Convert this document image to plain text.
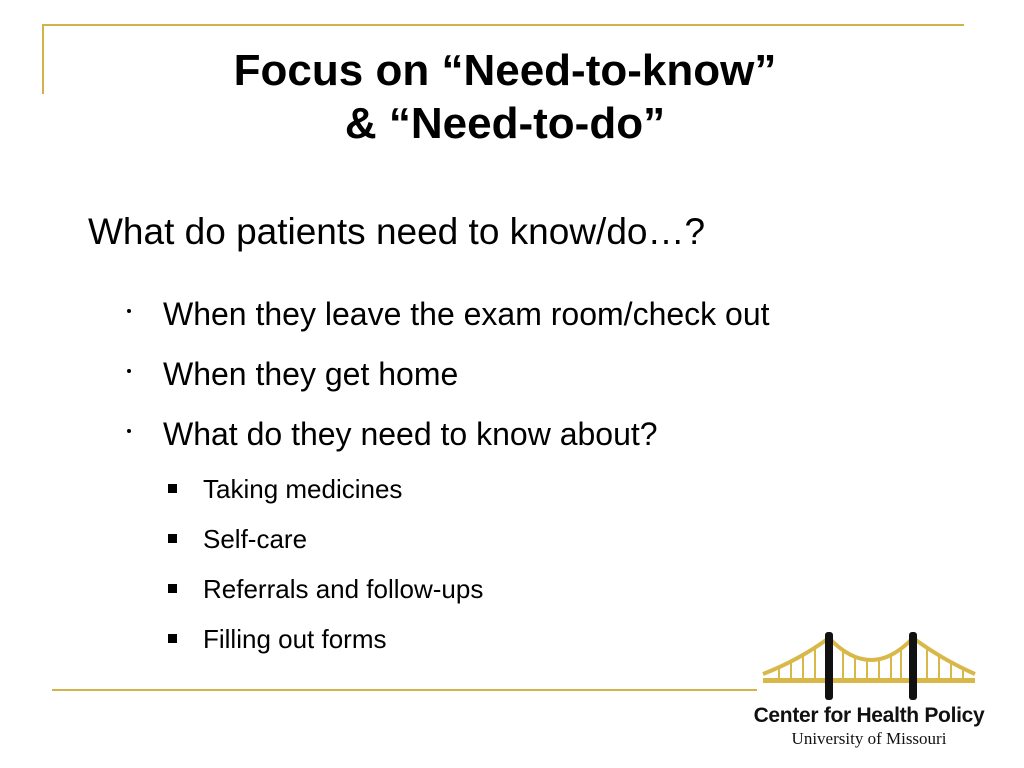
Focus on “Need-to-know”
& “Need-to-do”
What do patients need to know/do…?
When they leave the exam room/check out
When they get home
What do they need to know about?
Taking medicines
Self-care
Referrals and follow-ups
Filling out forms
Center for Health Policy
University of Missouri
